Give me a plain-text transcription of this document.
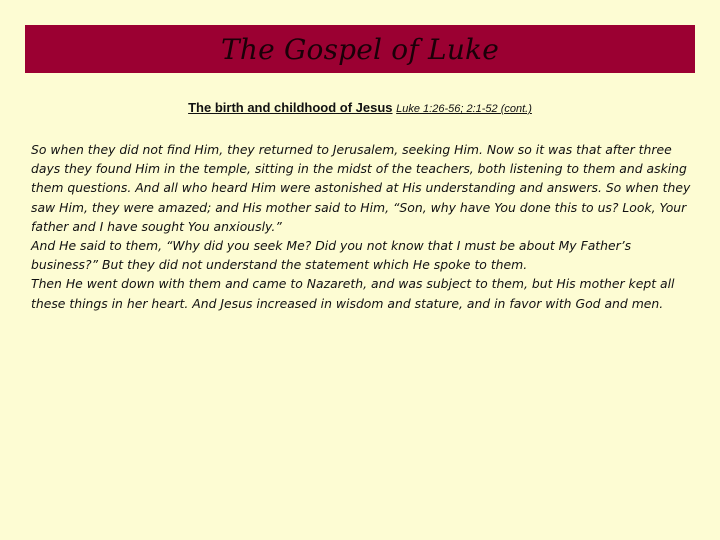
The Gospel of Luke
The birth and childhood of Jesus Luke 1:26-56; 2:1-52 (cont.)

So when they did not find Him, they returned to Jerusalem, seeking Him. Now so it was that after three days they found Him in the temple, sitting in the midst of the teachers, both listening to them and asking them questions. And all who heard Him were astonished at His understanding and answers. So when they saw Him, they were amazed; and His mother said to Him, “Son, why have You done this to us? Look, Your father and I have sought You anxiously.”

And He said to them, “Why did you seek Me? Did you not know that I must be about My Father’s business?” But they did not understand the statement which He spoke to them.

Then He went down with them and came to Nazareth, and was subject to them, but His mother kept all these things in her heart. And Jesus increased in wisdom and stature, and in favor with God and men.
